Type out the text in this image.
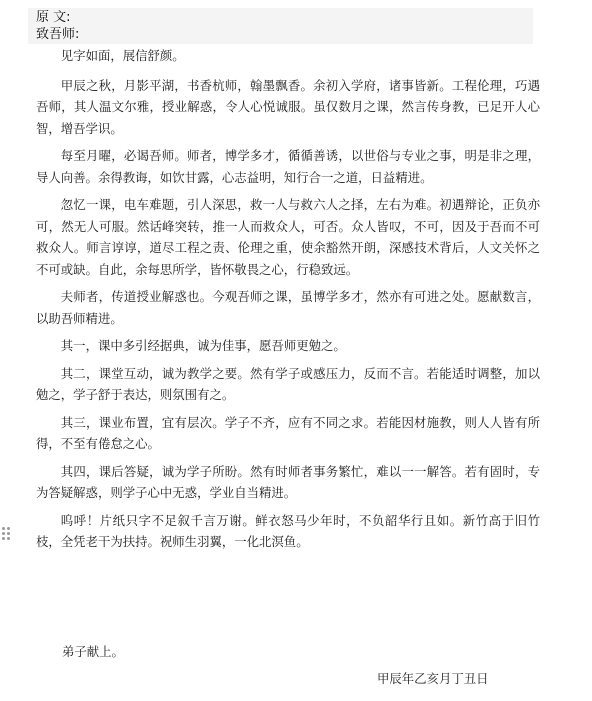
原 文:
致吾师:

见字如面，展信舒颜。

甲辰之秋，月影平湖，书香杭师，翰墨飘香。余初入学府，诸事皆新。工程伦理，巧遇吾师，其人温文尔雅，授业解惑，令人心悦诚服。虽仅数月之课，然言传身教，已足开人心智，增吾学识。

每至月曜，必谒吾师。师者，博学多才，循循善诱，以世俗与专业之事，明是非之理，导人向善。余得教诲，如饮甘露，心志益明，知行合一之道，日益精进。

忽忆一课，电车难题，引人深思，救一人与救六人之择，左右为难。初遇辩论，正负亦可，然无人可服。然话峰突转，推一人而救众人，可否。众人皆叹，不可，因及于吾而不可救众人。师言谆谆，道尽工程之责、伦理之重，使余豁然开朗，深感技术背后，人文关怀之不可或缺。自此，余每思所学，皆怀敬畏之心，行稳致远。

夫师者，传道授业解惑也。今观吾师之课，虽博学多才，然亦有可进之处。愿献数言，以助吾师精进。

其一，课中多引经据典，诚为佳事，愿吾师更勉之。

其二，课堂互动，诚为教学之要。然有学子或感压力，反而不言。若能适时调整，加以勉之，学子舒于表达，则氛围有之。

其三，课业布置，宜有层次。学子不齐，应有不同之求。若能因材施教，则人人皆有所得，不至有倦怠之心。

其四，课后答疑，诚为学子所盼。然有时师者事务繁忙，难以一一解答。若有固时，专为答疑解惑，则学子心中无惑，学业自当精进。

呜呼！片纸只字不足叙千言万谢。鲜衣怒马少年时，不负韶华行且如。新竹高于旧竹枝，全凭老干为扶持。祝师生羽翼，一化北溟鱼。

弟子献上。
甲辰年乙亥月丁丑日
